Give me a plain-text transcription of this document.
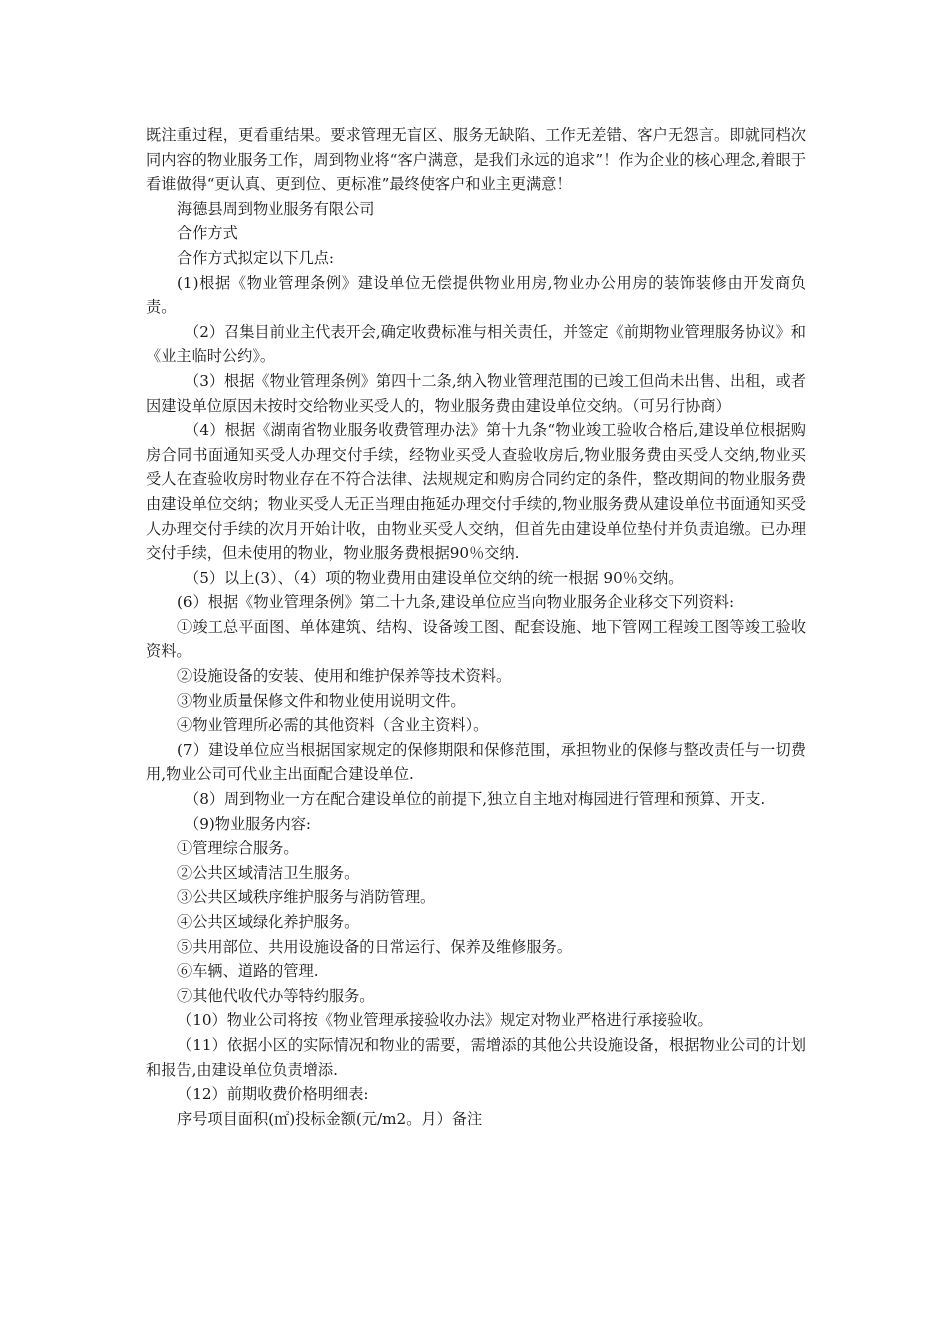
既注重过程，更看重结果。要求管理无盲区、服务无缺陷、工作无差错、客户无怨言。即就同档次同内容的物业服务工作，周到物业将“客户满意，是我们永远的追求”！作为企业的核心理念,着眼于看谁做得“更认真、更到位、更标准”最终使客户和业主更满意！

海德县周到物业服务有限公司

合作方式

合作方式拟定以下几点:

(1)根据《物业管理条例》建设单位无偿提供物业用房,物业办公用房的装饰装修由开发商负责。

（2）召集目前业主代表开会,确定收费标准与相关责任，并签定《前期物业管理服务协议》和《业主临时公约》。

（3）根据《物业管理条例》第四十二条,纳入物业管理范围的已竣工但尚未出售、出租，或者因建设单位原因未按时交给物业买受人的，物业服务费由建设单位交纳。（可另行协商）

（4）根据《湖南省物业服务收费管理办法》第十九条“物业竣工验收合格后,建设单位根据购房合同书面通知买受人办理交付手续，经物业买受人查验收房后,物业服务费由买受人交纳,物业买受人在查验收房时物业存在不符合法律、法规规定和购房合同约定的条件，整改期间的物业服务费由建设单位交纳；物业买受人无正当理由拖延办理交付手续的,物业服务费从建设单位书面通知买受人办理交付手续的次月开始计收，由物业买受人交纳，但首先由建设单位垫付并负责追缴。已办理交付手续，但未使用的物业，物业服务费根据90％交纳.

（5）以上(3）、（4）项的物业费用由建设单位交纳的统一根据 90％交纳。

(6）根据《物业管理条例》第二十九条,建设单位应当向物业服务企业移交下列资料:

①竣工总平面图、单体建筑、结构、设备竣工图、配套设施、地下管网工程竣工图等竣工验收资料。

②设施设备的安装、使用和维护保养等技术资料。

③物业质量保修文件和物业使用说明文件。

④物业管理所必需的其他资料（含业主资料）。

(7）建设单位应当根据国家规定的保修期限和保修范围，承担物业的保修与整改责任与一切费用,物业公司可代业主出面配合建设单位.

（8）周到物业一方在配合建设单位的前提下,独立自主地对梅园进行管理和预算、开支.

（9)物业服务内容:

①管理综合服务。

②公共区域清洁卫生服务。

③公共区域秩序维护服务与消防管理。

④公共区域绿化养护服务。

⑤共用部位、共用设施设备的日常运行、保养及维修服务。

⑥车辆、道路的管理.

⑦其他代收代办等特约服务。

（10）物业公司将按《物业管理承接验收办法》规定对物业严格进行承接验收。

（11）依据小区的实际情况和物业的需要，需增添的其他公共设施设备，根据物业公司的计划和报告,由建设单位负责增添.

（12）前期收费价格明细表:

序号项目面积(㎡)投标金额(元/m2。月）备注
